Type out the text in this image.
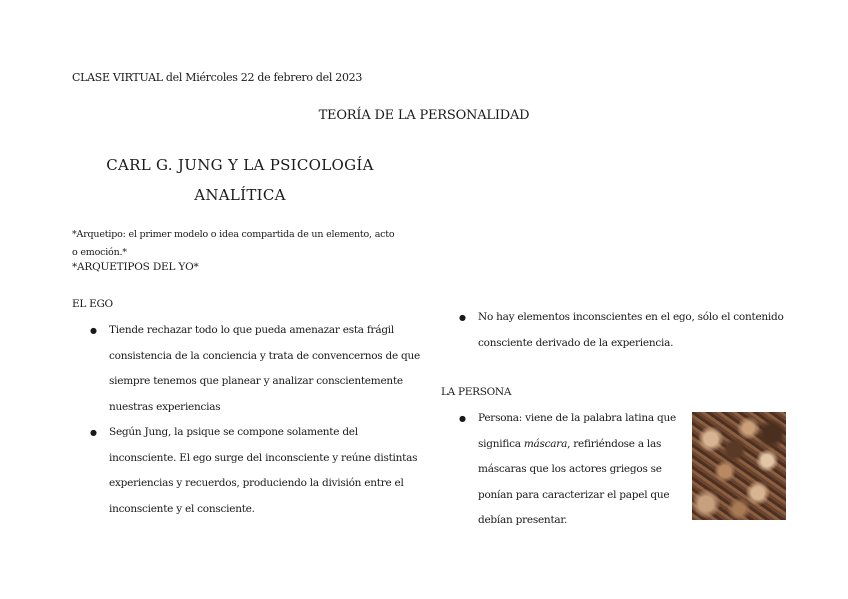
CLASE VIRTUAL del Miércoles 22 de febrero del 2023
TEORÍA DE LA PERSONALIDAD
CARL G. JUNG Y LA PSICOLOGÍA
ANALÍTICA
*Arquetipo: el primer modelo o idea compartida de un elemento, acto o emoción.*
*ARQUETIPOS DEL YO*
EL EGO
● Tiende rechazar todo lo que pueda amenazar esta frágil
consistencia de la conciencia y trata de convencernos de que
siempre tenemos que planear y analizar conscientemente
nuestras experiencias
● Según Jung, la psique se compone solamente del
inconsciente. El ego surge del inconsciente y reúne distintas
experiencias y recuerdos, produciendo la división entre el
inconsciente y el consciente.
● No hay elementos inconscientes en el ego, sólo el contenido
consciente derivado de la experiencia.
LA PERSONA
● Persona: viene de la palabra latina que
significa máscara, refiriéndose a las
máscaras que los actores griegos se
ponían para caracterizar el papel que
debían presentar.
